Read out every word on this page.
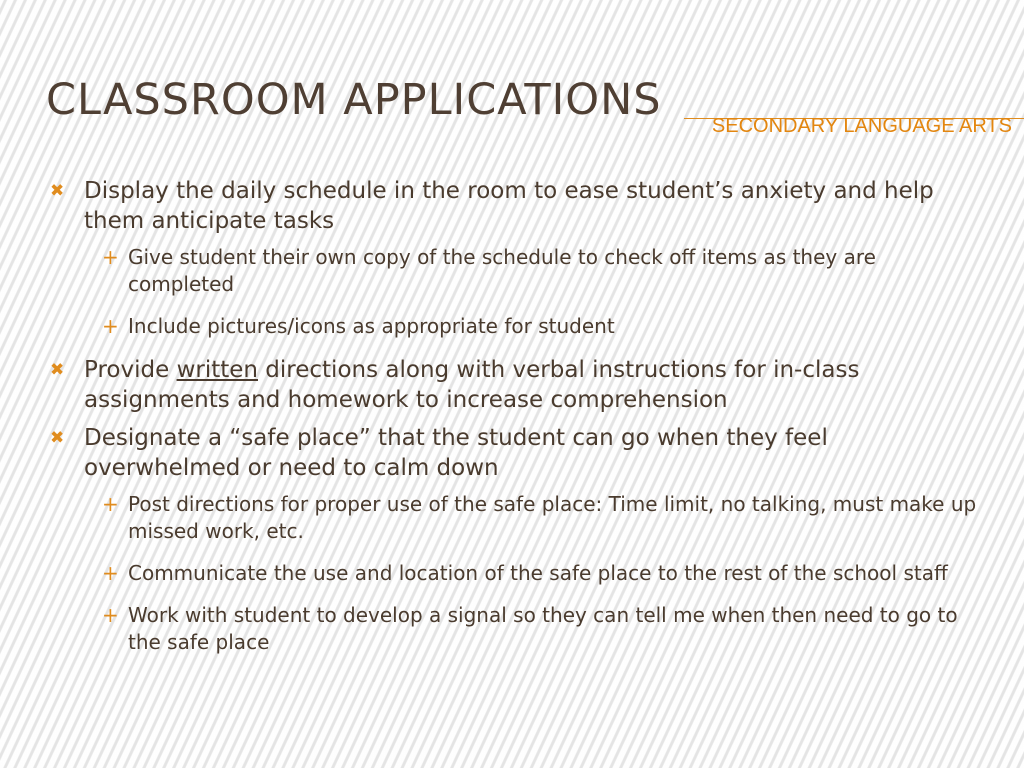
CLASSROOM APPLICATIONS
SECONDARY LANGUAGE ARTS
✖ Display the daily schedule in the room to ease student’s anxiety and help them anticipate tasks
+ Give student their own copy of the schedule to check off items as they are completed
+ Include pictures/icons as appropriate for student
✖ Provide written directions along with verbal instructions for in-class assignments and homework to increase comprehension
✖ Designate a “safe place” that the student can go when they feel overwhelmed or need to calm down
+ Post directions for proper use of the safe place: Time limit, no talking, must make up missed work, etc.
+ Communicate the use and location of the safe place to the rest of the school staff
+ Work with student to develop a signal so they can tell me when then need to go to the safe place
